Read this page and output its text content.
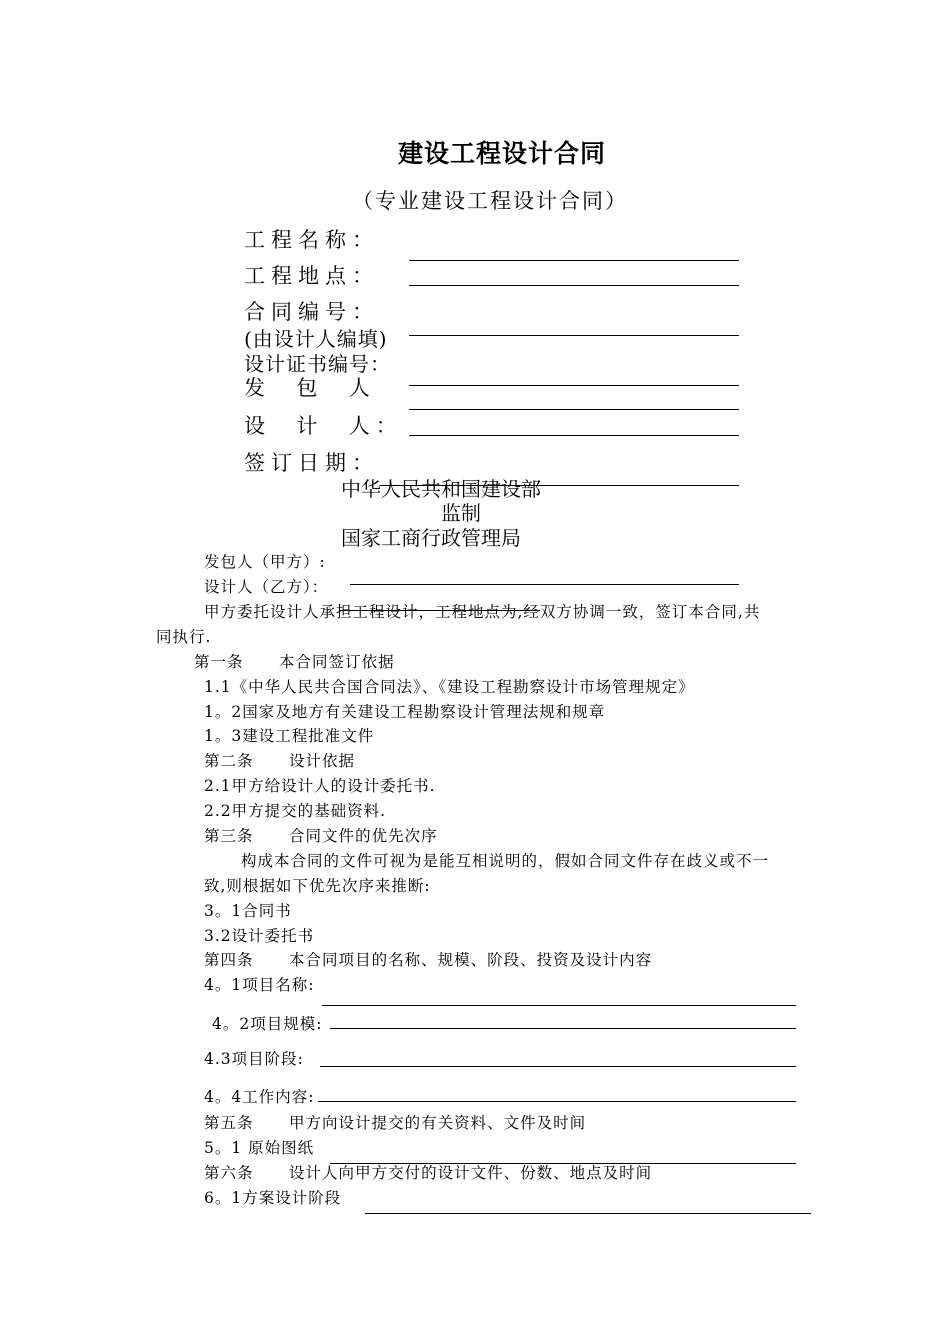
建设工程设计合同
（专业建设工程设计合同）
工程名称：
工程地点：
合同编号：
(由设计人编填)
设计证书编号：
发  包  人
设  计  人：
签订日期：
中华人民共和国建设部
监制
国家工商行政管理局
发包人（甲方）:
设计人（乙方）：
甲方委托设计人承担工程设计，工程地点为,经双方协调一致，签订本合同,共
同执行.
第一条      本合同签订依据
1.1《中华人民共合国合同法》、《建设工程勘察设计市场管理规定》
1。2国家及地方有关建设工程勘察设计管理法规和规章
1。3建设工程批准文件
第二条      设计依据
2.1甲方给设计人的设计委托书.
2.2甲方提交的基础资料.
第三条      合同文件的优先次序
构成本合同的文件可视为是能互相说明的，假如合同文件存在歧义或不一
致,则根据如下优先次序来推断:
3。1合同书
3.2设计委托书
第四条      本合同项目的名称、规模、阶段、投资及设计内容
4。1项目名称:
4。2项目规模:
4.3项目阶段:
4。4工作内容:
第五条      甲方向设计提交的有关资料、文件及时间
5。1 原始图纸
第六条      设计人向甲方交付的设计文件、份数、地点及时间
6。1方案设计阶段
